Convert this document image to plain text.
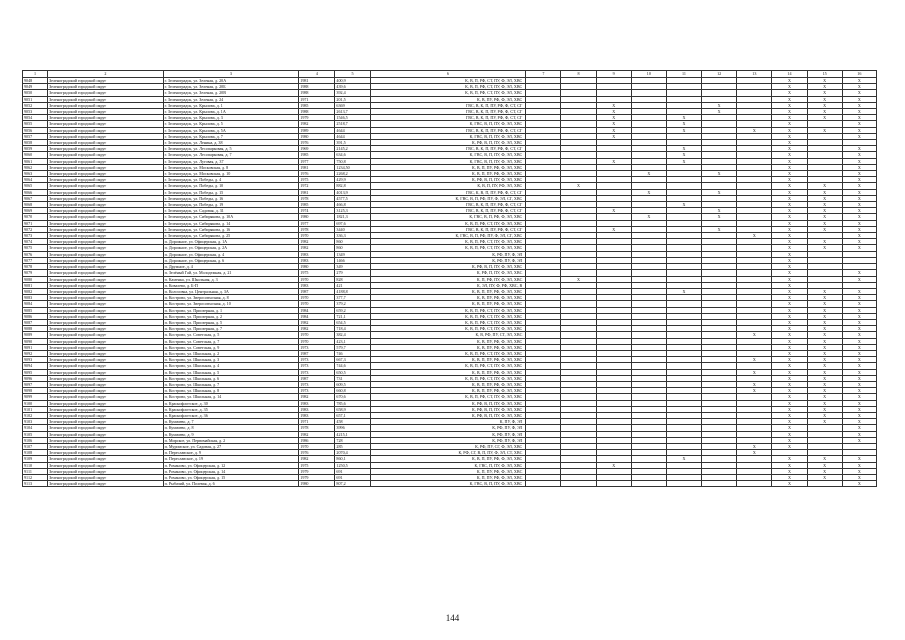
1	2	3	4	5	6	7	8	9	10	11	12	13	14	15	16
9048	Зеленоградский городской округ	г. Зеленоградск, ул. Зеленая, д. 20А	1981	400,9	К, В, П, РФ, СТ, ПУ, Ф, ЭЛ, ХВС								X	X	X
9049	Зеленоградский городской округ	г. Зеленоградск, ул. Зеленая, д. 20Б	1988	439,6	К, В, П, РФ, СТ, ПУ, Ф, ЭЛ, ХВС								X	X	X
9050	Зеленоградский городской округ	г. Зеленоградск, ул. Зеленая, д. 20В	1988	392,4	К, В, П, РФ, СТ, ПУ, Ф, ЭЛ, ХВС								X	X	X
9051	Зеленоградский городской округ	г. Зеленоградск, ул. Зеленая, д. 24	1971	201,5	К, В, ПУ, РФ, Ф, ЭЛ, ХВС								X	X	X
9052	Зеленоградский городской округ	г. Зеленоградск, ул. Крылова, д. 1	1985	6369	ГВС, В, К, П, ПУ, РФ, Ф, СТ, СГ			X			X		X	X	X
9053	Зеленоградский городской округ	г. Зеленоградск, ул. Крылова, д. 1А	1988	2613,7	ГВС, В, К, П, ПУ, РФ, Ф, СТ, СГ			X			X		X	X	X
9054	Зеленоградский городской округ	г. Зеленоградск, ул. Крылова, д. 3	1979	1546,5	ГВС, В, К, П, ПУ, РФ, Ф, СТ, СГ			X		X			X	X	X
9055	Зеленоградский городской округ	г. Зеленоградск, ул. Крылова, д. 5	1982	2518,7	К, ГВС, В, П, ПУ, Ф, ЭЛ, ХВС			X		X			X		X
9056	Зеленоградский городской округ	г. Зеленоградск, ул. Крылова, д. 5А	1989	4644	ГВС, В, К, П, ПУ, РФ, Ф, СТ, СГ			X		X		X	X	X	X
9057	Зеленоградский городской округ	г. Зеленоградск, ул. Крылова, д. 7	1980	4644	К, ГВС, В, П, ПУ, Ф, ЭЛ, ХВС			X					X		X
9058	Зеленоградский городской округ	г. Зеленоградск, ул. Ленина, д. 38	1976	391,5	К, РФ, В, П, ПУ, Ф, ЭЛ, ХВС								X		
9059	Зеленоградский городской округ	г. Зеленоградск, ул. Лесопарковая, д. 5	1969	2145,2	ГВС, В, К, П, ПУ, РФ, Ф, СТ, СГ					X			X		X
9060	Зеленоградский городской округ	г. Зеленоградск, ул. Лесопарковая, д. 7	1985	634,6	К, ГВС, В, П, ПУ, Ф, ЭЛ, ХВС					X			X		X
9061	Зеленоградский городской округ	г. Зеленоградск, ул. Луговая, д. 37	1977	750,8	К, ГВС, В, П, ПУ, Ф, ЭЛ, ХВС			X		X			X		X
9062	Зеленоградский городской округ	г. Зеленоградск, ул. Московская, д. 8	1981	1234,50	К, В, П, ПУ, РФ, Ф, ЭЛ, ХВС								X		X
9063	Зеленоградский городской округ	г. Зеленоградск, ул. Московская, д. 10	1976	2268,2	К, В, П, ПУ, РФ, Ф, ЭЛ, ХВС				X		X		X		X
9064	Зеленоградский городской округ	г. Зеленоградск, ул. Победы, д. 4	1975	429,9	К, РФ, В, П, ПУ, Ф, ЭЛ, ХВС								X		X
9065	Зеленоградский городской округ	г. Зеленоградск, ул. Победы, д. 10	1972	882,8	К, В, П, ПУ, РФ, ЭЛ, ХВС		X						X	X	X
9066	Зеленоградский городской округ	г. Зеленоградск, ул. Победы, д. 15	1981	4013,9	ГВС, К, В, П, ПУ, РФ, Ф, СТ, СГ				X		X		X	X	X
9067	Зеленоградский городской округ	г. Зеленоградск, ул. Победы, д. 16	1978	4577,5	К, ГВС, В, П, РФ, ПУ, Ф, ЭЛ, СГ, ХВС								X	X	X
9068	Зеленоградский городской округ	г. Зеленоградск, ул. Победы, д. 19	1985	466,8	ГВС, В, К, П, ПУ, РФ, Ф, СТ, СГ					X			X	X	X
9069	Зеленоградский городской округ	г. Зеленоградск, ул. Садовая, д. 31	1974	3125,3	ГВС, В, К, П, ПУ, РФ, Ф, СТ, СГ			X			X		X	X	X
9070	Зеленоградский городской округ	г. Зеленоградск, ул. Сибирякова, д. 10А	1980	1821,3	К, ГВС, В, П, РФ, Ф, ЭЛ, ХВС				X		X		X	X	X
9071	Зеленоградский городской округ	г. Зеленоградск, ул. Сибирякова, д. 14	1977	697,6	К, В, П, РФ, СТ, ПУ, Ф, ЭЛ, ХВС								X	X	X
9072	Зеленоградский городской округ	г. Зеленоградск, ул. Сибирякова, д. 16	1978	3440	ГВС, В, К, П, ПУ, РФ, Ф, СТ, СГ			X			X		X	X	X
9073	Зеленоградский городской округ	г. Зеленоградск, ул. Сибирякова, д. 25	1970	336,3	К, ГВС, В, П, РФ, ПУ, Ф, ЭЛ, СГ, ХВС							X	X		X
9074	Зеленоградский городской округ	п. Дорожное, ул. Офицерская, д. 1А	1982	860	К, В, П, РФ, СТ, ПУ, Ф, ЭЛ, ХВС								X	X	X
9075	Зеленоградский городской округ	п. Дорожное, ул. Офицерская, д. 2А	1982	860	К, В, П, РФ, СТ, ПУ, Ф, ЭЛ, ХВС								X	X	X
9076	Зеленоградский городской округ	п. Дорожное, ул. Офицерская, д. 4	1983	1349	К, РФ, ПУ, Ф, ЭЛ								X		
9077	Зеленоградский городской округ	п. Дорожное, ул. Офицерская, д. 6	1983	1466	К, РФ, ПУ, Ф, ЭЛ								X		
9078	Зеленоградский городской округ	п. Дружное, д. 4	1980	349	К, РФ, В, П, ПУ, Ф, ЭЛ, ХВС								X		
9079	Зеленоградский городской округ	п. Зелёный Гай, ул. Молодежная, д. 21	1975	279	К, РФ, П, ПУ, Ф, ЭЛ, ХВС								X		X
9080	Зеленоградский городской округ	п. Каменка, ул. Школьная, д. 3	1970	828	К, П, РФ, ПУ, Ф, ЭЛ, ХВС		X						X		X
9081	Зеленоградский городской округ	п. Ковалево, д. Б-П	1983	421	К, ЭЛ, ПУ, Ф, РФ, ХВС, В								X		
9082	Зеленоградский городской округ	п. Колосовка, ул. Центральная, д. 3А	1987	4188,8	К, В, П, ПУ, РФ, Ф, ЭЛ, ХВС					X			X	X	X
9083	Зеленоградский городской округ	п. Кострово, ул. Зверосовхозная, д. 8	1970	377,7	К, В, ПУ, РФ, Ф, ЭЛ, ХВС								X	X	X
9084	Зеленоградский городской округ	п. Кострово, ул. Зверосовхозная, д. 10	1970	379,2	К, В, П, ПУ, РФ, Ф, ЭЛ, ХВС								X	X	X
9085	Зеленоградский городской округ	п. Кострово, ул. Приозерная, д. 1	1984	659,2	К, В, П, РФ, СТ, ПУ, Ф, ЭЛ, ХВС								X	X	X
9086	Зеленоградский городской округ	п. Кострово, ул. Приозерная, д. 2	1984	721,1	К, В, П, РФ, СТ, ПУ, Ф, ЭЛ, ХВС								X	X	X
9087	Зеленоградский городской округ	п. Кострово, ул. Приозерная, д. 5	1982	654,5	К, В, П, РФ, СТ, ПУ, Ф, ЭЛ, ХВС								X	X	X
9088	Зеленоградский городской округ	п. Кострово, ул. Приозерная, д. 7	1982	718,4	К, В, П, РФ, СТ, ПУ, Ф, ЭЛ, ХВС								X	X	X
9089	Зеленоградский городской округ	п. Кострово, ул. Советская, д. 5	1970	382,4	К, В, РФ, ПУ, СТ, ЭЛ, ХВС							X	X	X	X
9090	Зеленоградский городской округ	п. Кострово, ул. Советская, д. 7	1970	423,1	К, В, ПУ, РФ, Ф, ЭЛ, ХВС								X	X	X
9091	Зеленоградский городской округ	п. Кострово, ул. Советская, д. 9	1973	579,7	К, В, ПУ, РФ, Ф, ЭЛ, ХВС								X	X	X
9092	Зеленоградский городской округ	п. Кострово, ул. Школьная, д. 2	1987	746	К, В, П, РФ, СТ, ПУ, Ф, ЭЛ, ХВС								X	X	X
9093	Зеленоградский городской округ	п. Кострово, ул. Школьная, д. 3	1973	667,3	К, В, П, ПУ, РФ, Ф, ЭЛ, ХВС							X	X	X	X
9094	Зеленоградский городской округ	п. Кострово, ул. Школьная, д. 4	1973	744,6	К, В, П, РФ, СТ, ПУ, Ф, ЭЛ, ХВС								X	X	X
9095	Зеленоградский городской округ	п. Кострово, ул. Школьная, д. 5	1973	650,5	К, В, П, ПУ, РФ, Ф, ЭЛ, ХВС							X	X	X	X
9096	Зеленоградский городской округ	п. Кострово, ул. Школьная, д. 6	1987	731	К, В, П, РФ, СТ, ПУ, Ф, ЭЛ, ХВС								X	X	X
9097	Зеленоградский городской округ	п. Кострово, ул. Школьная, д. 7	1973	609,5	К, В, П, ПУ, РФ, Ф, ЭЛ, ХВС							X	X	X	X
9098	Зеленоградский городской округ	п. Кострово, ул. Школьная, д. 8	1973	660,8	К, В, П, ПУ, РФ, Ф, ЭЛ, ХВС							X	X	X	X
9099	Зеленоградский городской округ	п. Кострово, ул. Школьная, д. 14	1982	670,6	К, В, П, РФ, СТ, ПУ, Ф, ЭЛ, ХВС								X	X	X
9100	Зеленоградский городской округ	п. Краснофлотское, д. 30	1983	785,6	К, РФ, В, П, ПУ, Ф, ЭЛ, ХВС								X	X	X
9101	Зеленоградский городской округ	п. Краснофлотское, д. 35	1983	658,9	К, РФ, В, П, ПУ, Ф, ЭЛ, ХВС								X	X	X
9102	Зеленоградский городской округ	п. Краснофлотское, д. 36	1983	657,1	К, РФ, В, П, ПУ, Ф, ЭЛ, ХВС								X	X	X
9103	Зеленоградский городской округ	п. Кумачево, д. 7	1971	458	К, ПУ, Ф, ЭЛ								X	X	X
9104	Зеленоградский городской округ	п. Кумачево, д. 8	1978	3996	К, РФ, ПУ, Ф, ЭЛ								X		X
9105	Зеленоградский городской округ	п. Кумачево, д. 9	1982	4215,1	К, РФ, ПУ, Ф, ЭЛ								X		X
9106	Зеленоградский городской округ	п. Мирское, ул. Первомайская, д. 2	1986	728	К, РФ, ПУ, Ф, ЭЛ								X		X
9107	Зеленоградский городской округ	п. Муромское, ул. Садовая, д. 27	1970	285	К, РФ, ПУ, СГ, Ф, ЭЛ, ХВС							X	X		
9108	Зеленоградский городской округ	п. Переславское, д. 9	1976	2070,4	К, РФ, СГ, В, П, ПУ, Ф, ЭЛ, СТ, ХВС							X			
9109	Зеленоградский городской округ	п. Переславское, д. 19	1982	860,1	К, В, П, ПУ, РФ, Ф, ЭЛ, ХВС					X			X	X	X
9110	Зеленоградский городской округ	п. Романово, ул. Офицерская, д. 12	1975	1250,5	К, ГВС, П, ПУ, Ф, ЭЛ, ХВС			X					X	X	X
9111	Зеленоградский городской округ	п. Романово, ул. Офицерская, д. 14	1979	691	К, П, ПУ, РФ, Ф, ЭЛ, ХВС								X	X	X
9112	Зеленоградский городской округ	п. Романово, ул. Офицерская, д. 15	1979	691	К, П, ПУ, РФ, Ф, ЭЛ, ХВС								X	X	X
9113	Зеленоградский городской округ	п. Рыбачий, ул. Полевая, д. 6	1980	807,2	К, ГВС, В, П, ПУ, Ф, ЭЛ, ХВС								X		X
144
